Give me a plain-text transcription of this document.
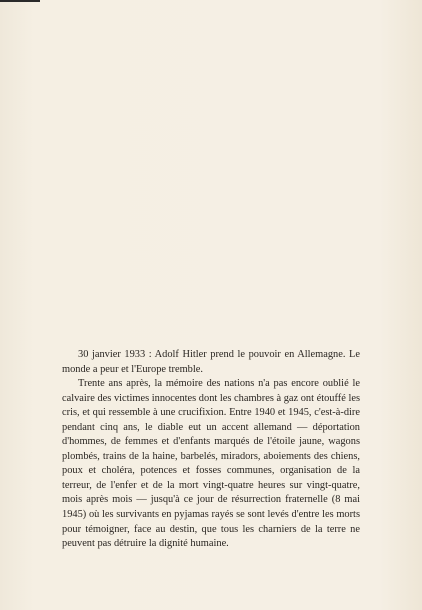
30 janvier 1933 : Adolf Hitler prend le pouvoir en Allemagne. Le monde a peur et l'Europe tremble.

Trente ans après, la mémoire des nations n'a pas encore oublié le calvaire des victimes innocentes dont les chambres à gaz ont étouffé les cris, et qui ressemble à une crucifixion. Entre 1940 et 1945, c'est-à-dire pendant cinq ans, le diable eut un accent allemand — déportation d'hommes, de femmes et d'enfants marqués de l'étoile jaune, wagons plombés, trains de la haine, barbelés, miradors, aboiements des chiens, poux et choléra, potences et fosses communes, organisation de la terreur, de l'enfer et de la mort vingt-quatre heures sur vingt-quatre, mois après mois — jusqu'à ce jour de résurrection fraternelle (8 mai 1945) où les survivants en pyjamas rayés se sont levés d'entre les morts pour témoigner, face au destin, que tous les charniers de la terre ne peuvent pas détruire la dignité humaine.
